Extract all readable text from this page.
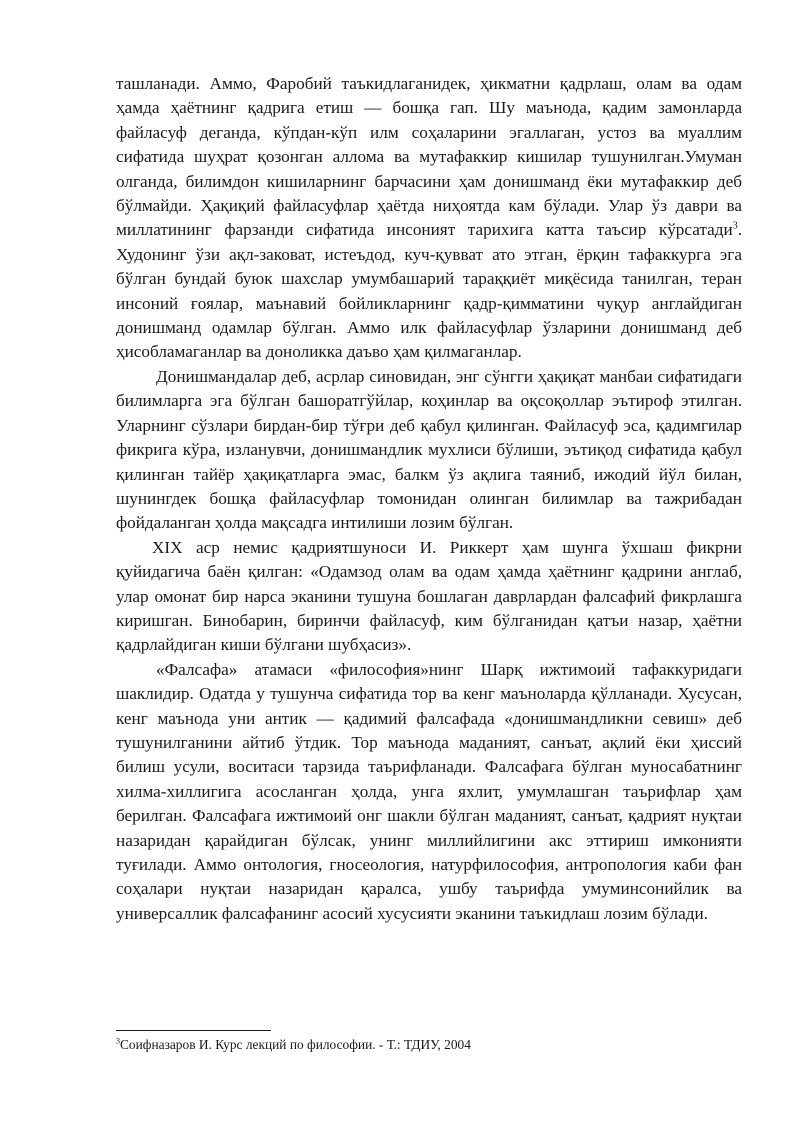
ташланади. Аммо, Фаробий таъкидлаганидек, ҳикматни қадрлаш, олам ва одам ҳамда ҳаётнинг қадрига етиш — бошқа гап. Шу маънода, қадим замонларда файласуф деганда, кўпдан-кўп илм соҳаларини эгаллаган, устоз ва муаллим сифатида шуҳрат қозонган аллома ва мутафаккир кишилар тушунилган.Умуман олганда, билимдон кишиларнинг барчасини ҳам донишманд ёки мутафаккир деб бўлмайди. Ҳақиқий файласуфлар ҳаётда ниҳоятда кам бўлади. Улар ўз даври ва миллатининг фарзанди сифатида инсоният тарихига катта таъсир кўрсатади$^3$. Худонинг ўзи ақл-заковат, истеъдод, куч-қувват ато этган, ёрқин тафаккурга эга бўлган бундай буюк шахслар умумбашарий тараққиёт миқёсида танилган, теран инсоний ғоялар, маънавий бойликларнинг қадр-қимматини чуқур англайдиган донишманд одамлар бўлган. Аммо илк файласуфлар ўзларини донишманд деб ҳисобламаганлар ва доноликка даъво ҳам қилмаганлар.

Донишмандалар деб, асрлар синовидан, энг сўнгги ҳақиқат манбаи сифатидаги билимларга эга бўлган башоратгўйлар, коҳинлар ва оқсоқоллар эътироф этилган. Уларнинг сўзлари бирдан-бир тўғри деб қабул қилинган. Файласуф эса, қадимгилар фикрига кўра, изланувчи, донишмандлик мухлиси бўлиши, эътиқод сифатида қабул қилинган тайёр ҳақиқатларга эмас, балкм ўз ақлига таяниб, ижодий йўл билан, шунингдек бошқа файласуфлар томонидан олинган билимлар ва тажрибадан фойдаланган ҳолда мақсадга интилиши лозим бўлган.

XIX аср немис қадриятшуноси И. Риккерт ҳам шунга ўхшаш фикрни қуйидагича баён қилган: «Одамзод олам ва одам ҳамда ҳаётнинг қадрини англаб, улар омонат бир нарса эканини тушуна бошлаган даврлардан фалсафий фикрлашга киришган. Бинобарин, биринчи файласуф, ким бўлганидан қатъи назар, ҳаётни қадрлайдиган киши бўлгани шубҳасиз».

«Фалсафа» атамаси «философия»нинг Шарқ ижтимоий тафаккуридаги шаклидир. Одатда у тушунча сифатида тор ва кенг маъноларда қўлланади. Хусусан, кенг маънода уни антик — қадимий фалсафада «донишмандликни севиш» деб тушунилганини айтиб ўтдик. Тор маънода маданият, санъат, ақлий ёки ҳиссий билиш усули, воситаси тарзида таърифланади. Фалсафага бўлган муносабатнинг хилма-хиллигига асосланган ҳолда, унга яхлит, умумлашган таърифлар ҳам берилган. Фалсафага ижтимоий онг шакли бўлган маданият, санъат, қадрият нуқтаи назаридан қарайдиган бўлсак, унинг миллийлигини акс эттириш имконияти туғилади. Аммо онтология, гносеология, натурфилософия, антропология каби фан соҳалари нуқтаи назаридан қаралса, ушбу таърифда умуминсонийлик ва универсаллик фалсафанинг асосий хусусияти эканини таъкидлаш лозим бўлади.

$^3$Соифназаров И. Курс лекций по философии. - Т.: ТДИУ, 2004
